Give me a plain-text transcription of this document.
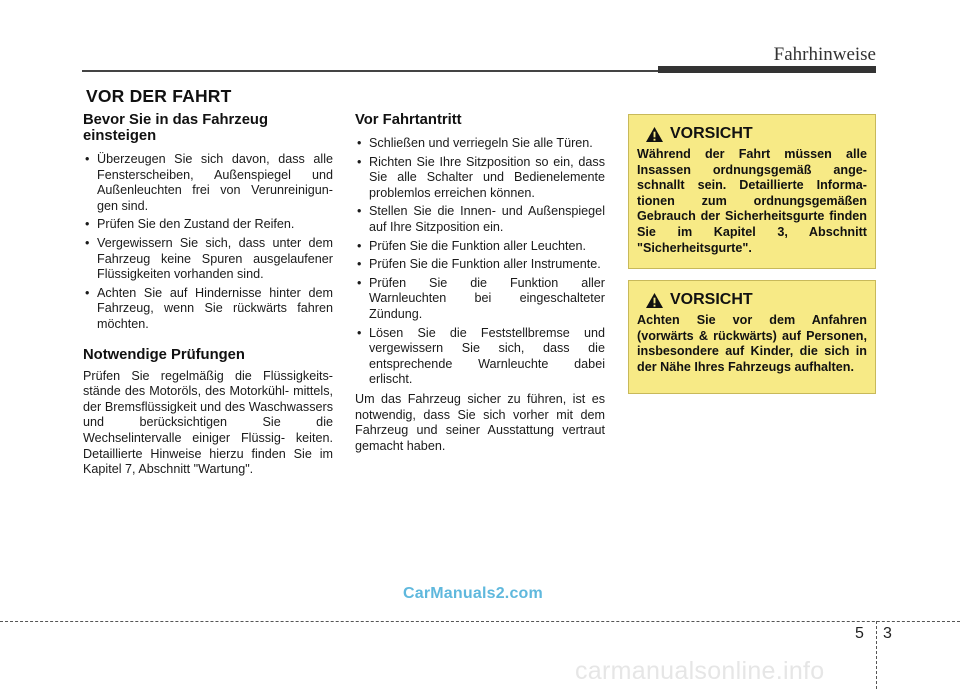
Fahrhinweise
VOR DER FAHRT
Bevor Sie in das Fahrzeug einsteigen
• Überzeugen Sie sich davon, dass alle Fensterscheiben, Außenspiegel und Außenleuchten frei von Verunreinigun- gen sind.
• Prüfen Sie den Zustand der Reifen.
• Vergewissern Sie sich, dass unter dem Fahrzeug keine Spuren ausgelaufener Flüssigkeiten vorhanden sind.
• Achten Sie auf Hindernisse hinter dem Fahrzeug, wenn Sie rückwärts fahren möchten.
Notwendige Prüfungen

Prüfen Sie regelmäßig die Flüssigkeits- stände des Motoröls, des Motorkühl- mittels, der Bremsflüssigkeit und des Waschwassers und berücksichtigen Sie die Wechselintervalle einiger Flüssig- keiten. Detaillierte Hinweise hierzu finden Sie im Kapitel 7, Abschnitt "Wartung".

Vor Fahrtantritt
• Schließen und verriegeln Sie alle Türen.
• Richten Sie Ihre Sitzposition so ein, dass Sie alle Schalter und Bedienelemente problemlos erreichen können.
• Stellen Sie die Innen- und Außenspiegel auf Ihre Sitzposition ein.
• Prüfen Sie die Funktion aller Leuchten.
• Prüfen Sie die Funktion aller Instrumente.
• Prüfen Sie die Funktion aller Warnleuchten bei eingeschalteter Zündung.
• Lösen Sie die Feststellbremse und vergewissern Sie sich, dass die entsprechende Warnleuchte dabei erlischt.

Um das Fahrzeug sicher zu führen, ist es notwendig, dass Sie sich vorher mit dem Fahrzeug und seiner Ausstattung vertraut gemacht haben.

VORSICHT

Während der Fahrt müssen alle Insassen ordnungsgemäß ange- schnallt sein. Detaillierte Informa- tionen zum ordnungsgemäßen Gebrauch der Sicherheitsgurte finden Sie im Kapitel 3, Abschnitt "Sicherheitsgurte".

VORSICHT

Achten Sie vor dem Anfahren (vorwärts & rückwärts) auf Personen, insbesondere auf Kinder, die sich in der Nähe Ihres Fahrzeugs aufhalten.

CarManuals2.com
5 3
carmanualsonline.info
